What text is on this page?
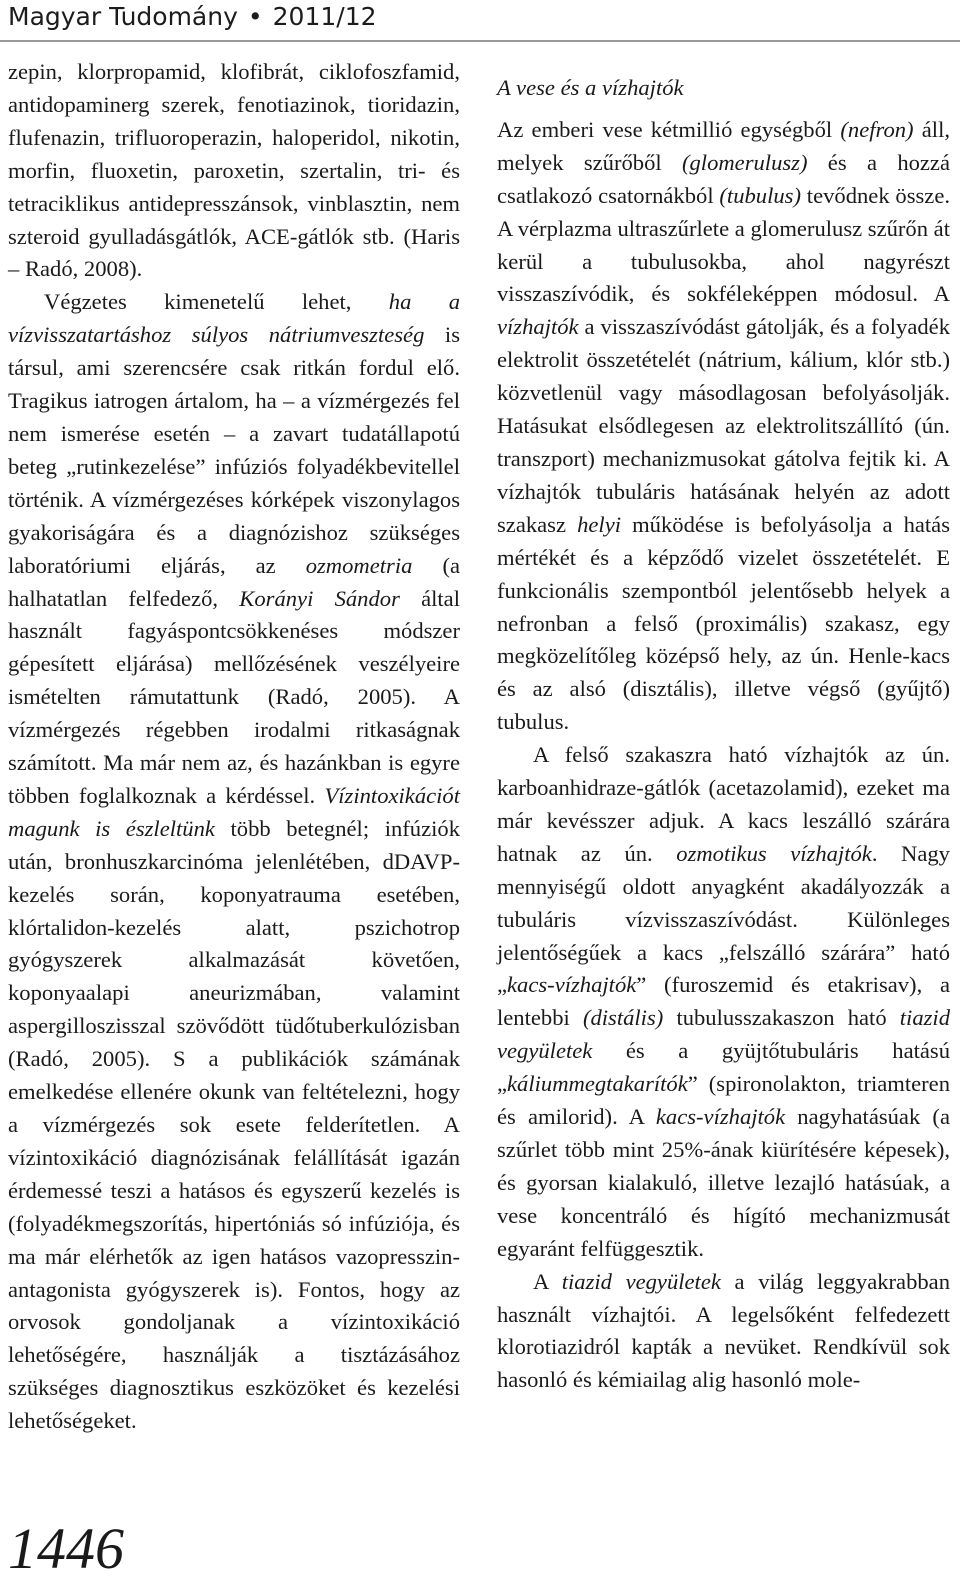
Magyar Tudomány • 2011/12

zepin, klorpropamid, klofibrát, ciklofoszfamid, antidopaminerg szerek, fenotiazinok, tioridazin, flufenazin, trifluoroperazin, haloperidol, nikotin, morfin, fluoxetin, paroxetin, szertalin, tri- és tetraciklikus antidepresszánsok, vinblasztin, nem szteroid gyulladásgátlók, ACE-gátlók stb. (Haris – Radó, 2008).

Végzetes kimenetelű lehet, ha a vízvisszatartáshoz súlyos nátriumveszteség is társul, ami szerencsére csak ritkán fordul elő. Tragikus iatrogen ártalom, ha – a vízmérgezés fel nem ismerése esetén – a zavart tudatállapotú beteg „rutinkezelése” infúziós folyadékbevitellel történik. A vízmérgezéses kórképek viszonylagos gyakoriságára és a diagnózishoz szükséges laboratóriumi eljárás, az ozmometria (a halhatatlan felfedező, Korányi Sándor által használt fagyáspontcsökkenéses módszer gépesített eljárása) mellőzésének veszélyeire ismételten rámutattunk (Radó, 2005). A vízmérgezés régebben irodalmi ritkaságnak számított. Ma már nem az, és hazánkban is egyre többen foglalkoznak a kérdéssel. Vízintoxikációt magunk is észleltünk több betegnél; infúziók után, bronhuszkarcinóma jelenlétében, dDAVP-kezelés során, koponyatrauma esetében, klórtalidon-kezelés alatt, pszichotrop gyógyszerek alkalmazását követően, koponyaalapi aneurizmában, valamint aspergilloszisszal szövődött tüdőtuberkulózisban (Radó, 2005). S a publikációk számának emelkedése ellenére okunk van feltételezni, hogy a vízmérgezés sok esete felderítetlen. A vízintoxikáció diagnózisának felállítását igazán érdemessé teszi a hatásos és egyszerű kezelés is (folyadékmegszorítás, hipertóniás só infúziója, és ma már elérhetők az igen hatásos vazopresszin-antagonista gyógyszerek is). Fontos, hogy az orvosok gondoljanak a vízintoxikáció lehetőségére, használják a tisztázásához szükséges diagnosztikus eszközöket és kezelési lehetőségeket.

A vese és a vízhajtók

Az emberi vese kétmillió egységből (nefron) áll, melyek szűrőből (glomerulusz) és a hozzá csatlakozó csatornákból (tubulus) tevődnek össze. A vérplazma ultraszűrlete a glomerulusz szűrőn át kerül a tubulusokba, ahol nagyrészt visszaszívódik, és sokféleképpen módosul. A vízhajtók a visszaszívódást gátolják, és a folyadék elektrolit összetételét (nátrium, kálium, klór stb.) közvetlenül vagy másodlagosan befolyásolják. Hatásukat elsődlegesen az elektrolitszállító (ún. transzport) mechanizmusokat gátolva fejtik ki. A vízhajtók tubuláris hatásának helyén az adott szakasz helyi működése is befolyásolja a hatás mértékét és a képződő vizelet összetételét. E funkcionális szempontból jelentősebb helyek a nefronban a felső (proximális) szakasz, egy megközelítőleg középső hely, az ún. Henle-kacs és az alsó (disztális), illetve végső (gyűjtő) tubulus.

A felső szakaszra ható vízhajtók az ún. karboanhidraze-gátlók (acetazolamid), ezeket ma már kevésszer adjuk. A kacs leszálló szárára hatnak az ún. ozmotikus vízhajtók. Nagy mennyiségű oldott anyagként akadályozzák a tubuláris vízvisszaszívódást. Különleges jelentőségűek a kacs „felszálló szárára” ható „kacs-vízhajtók” (furoszemid és etakrisav), a lentebbi (distális) tubulusszakaszon ható tiazid vegyületek és a gyüjtőtubuláris hatású „káliummegtakarítók” (spironolakton, triamteren és amilorid). A kacs-vízhajtók nagyhatásúak (a szűrlet több mint 25%-ának kiürítésére képesek), és gyorsan kialakuló, illetve lezajló hatásúak, a vese koncentráló és hígító mechanizmusát egyaránt felfüggesztik.

A tiazid vegyületek a világ leggyakrabban használt vízhajtói. A legelsőként felfedezett klorotiazidról kapták a nevüket. Rendkívül sok hasonló és kémiailag alig hasonló mole-

1446
